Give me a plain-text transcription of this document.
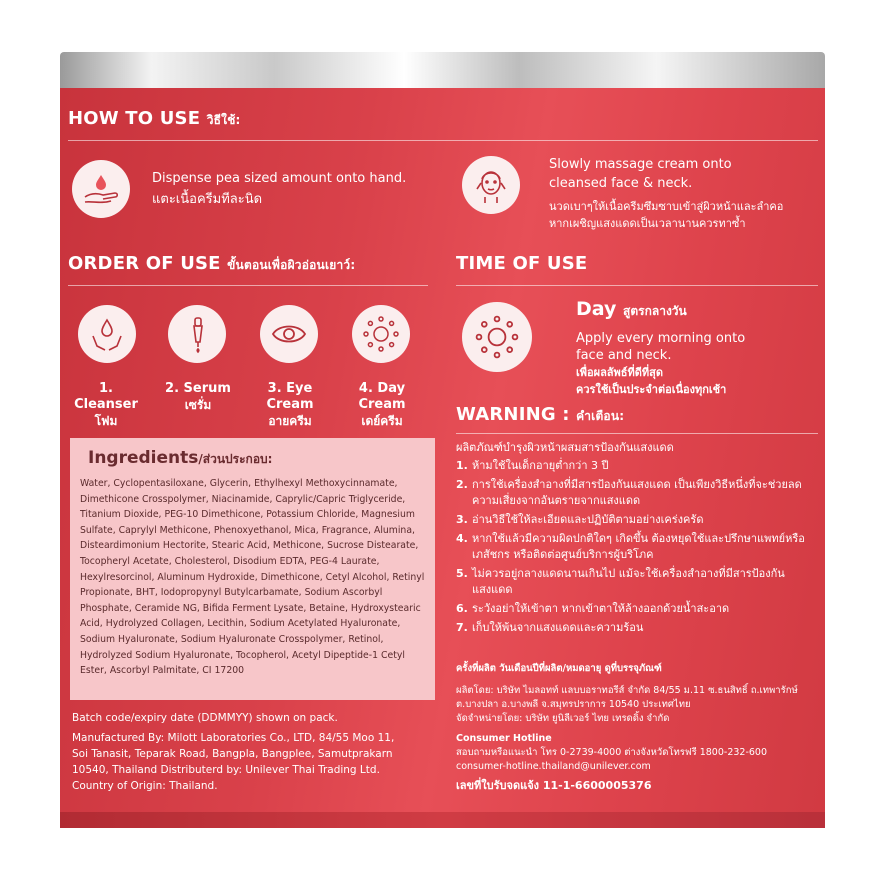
HOW TO USE วิธีใช้:
Dispense pea sized amount onto hand.
แตะเนื้อครีมทีละนิด
Slowly massage cream onto
cleansed face & neck.
นวดเบาๆให้เนื้อครีมซึมซาบเข้าสู่ผิวหน้าและลำคอ
หากเผชิญแสงแดดเป็นเวลานานควรทาซ้ำ
ORDER OF USE ขั้นตอนเพื่อผิวอ่อนเยาว์:
1. Cleanser
โฟม
2. Serum
เซรั่ม
3. Eye
Cream
อายครีม
4. Day
Cream
เดย์ครีม
TIME OF USE
Day สูตรกลางวัน
Apply every morning onto
face and neck.
เพื่อผลลัพธ์ที่ดีที่สุด
ควรใช้เป็นประจำต่อเนื่องทุกเช้า
Ingredients/ส่วนประกอบ:
Water, Cyclopentasiloxane, Glycerin, Ethylhexyl Methoxycinnamate, Dimethicone Crosspolymer, Niacinamide, Caprylic/Capric Triglyceride, Titanium Dioxide, PEG-10 Dimethicone, Potassium Chloride, Magnesium Sulfate, Caprylyl Methicone, Phenoxyethanol, Mica, Fragrance, Alumina, Disteardimonium Hectorite, Stearic Acid, Methicone, Sucrose Distearate, Tocopheryl Acetate, Cholesterol, Disodium EDTA, PEG-4 Laurate, Hexylresorcinol, Aluminum Hydroxide, Dimethicone, Cetyl Alcohol, Retinyl Propionate, BHT, Iodopropynyl Butylcarbamate, Sodium Ascorbyl Phosphate, Ceramide NG, Bifida Ferment Lysate, Betaine, Hydroxystearic Acid, Hydrolyzed Collagen, Lecithin, Sodium Acetylated Hyaluronate, Sodium Hyaluronate, Sodium Hyaluronate Crosspolymer, Retinol, Hydrolyzed Sodium Hyaluronate, Tocopherol, Acetyl Dipeptide-1 Cetyl Ester, Ascorbyl Palmitate, CI 17200
Batch code/expiry date (DDMMYY) shown on pack.
Manufactured By: Milott Laboratories Co., LTD, 84/55 Moo 11, Soi Tanasit, Teparak Road, Bangpla, Bangplee, Samutprakarn 10540, Thailand Distributerd by: Unilever Thai Trading Ltd.
Country of Origin: Thailand.
WARNING : คำเตือน:
ผลิตภัณฑ์บำรุงผิวหน้าผสมสารป้องกันแสงแดด
1. ห้ามใช้ในเด็กอายุต่ำกว่า 3 ปี
2. การใช้เครื่องสำอางที่มีสารป้องกันแสงแดด เป็นเพียงวิธีหนึ่งที่จะช่วยลดความเสี่ยงจากอันตรายจากแสงแดด
3. อ่านวิธีใช้ให้ละเอียดและปฏิบัติตามอย่างเคร่งครัด
4. หากใช้แล้วมีความผิดปกติใดๆ เกิดขึ้น ต้องหยุดใช้และปรึกษาแพทย์หรือเภสัชกร หรือติดต่อศูนย์บริการผู้บริโภค
5. ไม่ควรอยู่กลางแดดนานเกินไป แม้จะใช้เครื่องสำอางที่มีสารป้องกันแสงแดด
6. ระวังอย่าให้เข้าตา หากเข้าตาให้ล้างออกด้วยน้ำสะอาด
7. เก็บให้พ้นจากแสงแดดและความร้อน
ครั้งที่ผลิต วันเดือนปีที่ผลิต/หมดอายุ ดูที่บรรจุภัณฑ์
ผลิตโดย: บริษัท ไมลอทท์ แลบบอราทอรีส์ จำกัด 84/55 ม.11 ซ.ธนสิทธิ์ ถ.เทพารักษ์ ต.บางปลา อ.บางพลี จ.สมุทรปราการ 10540 ประเทศไทย
จัดจำหน่ายโดย: บริษัท ยูนิลีเวอร์ ไทย เทรดดิ้ง จำกัด
Consumer Hotline
สอบถามหรือแนะนำ โทร 0-2739-4000 ต่างจังหวัดโทรฟรี 1800-232-600
consumer-hotline.thailand@unilever.com
เลขที่ใบรับจดแจ้ง 11-1-6600005376
